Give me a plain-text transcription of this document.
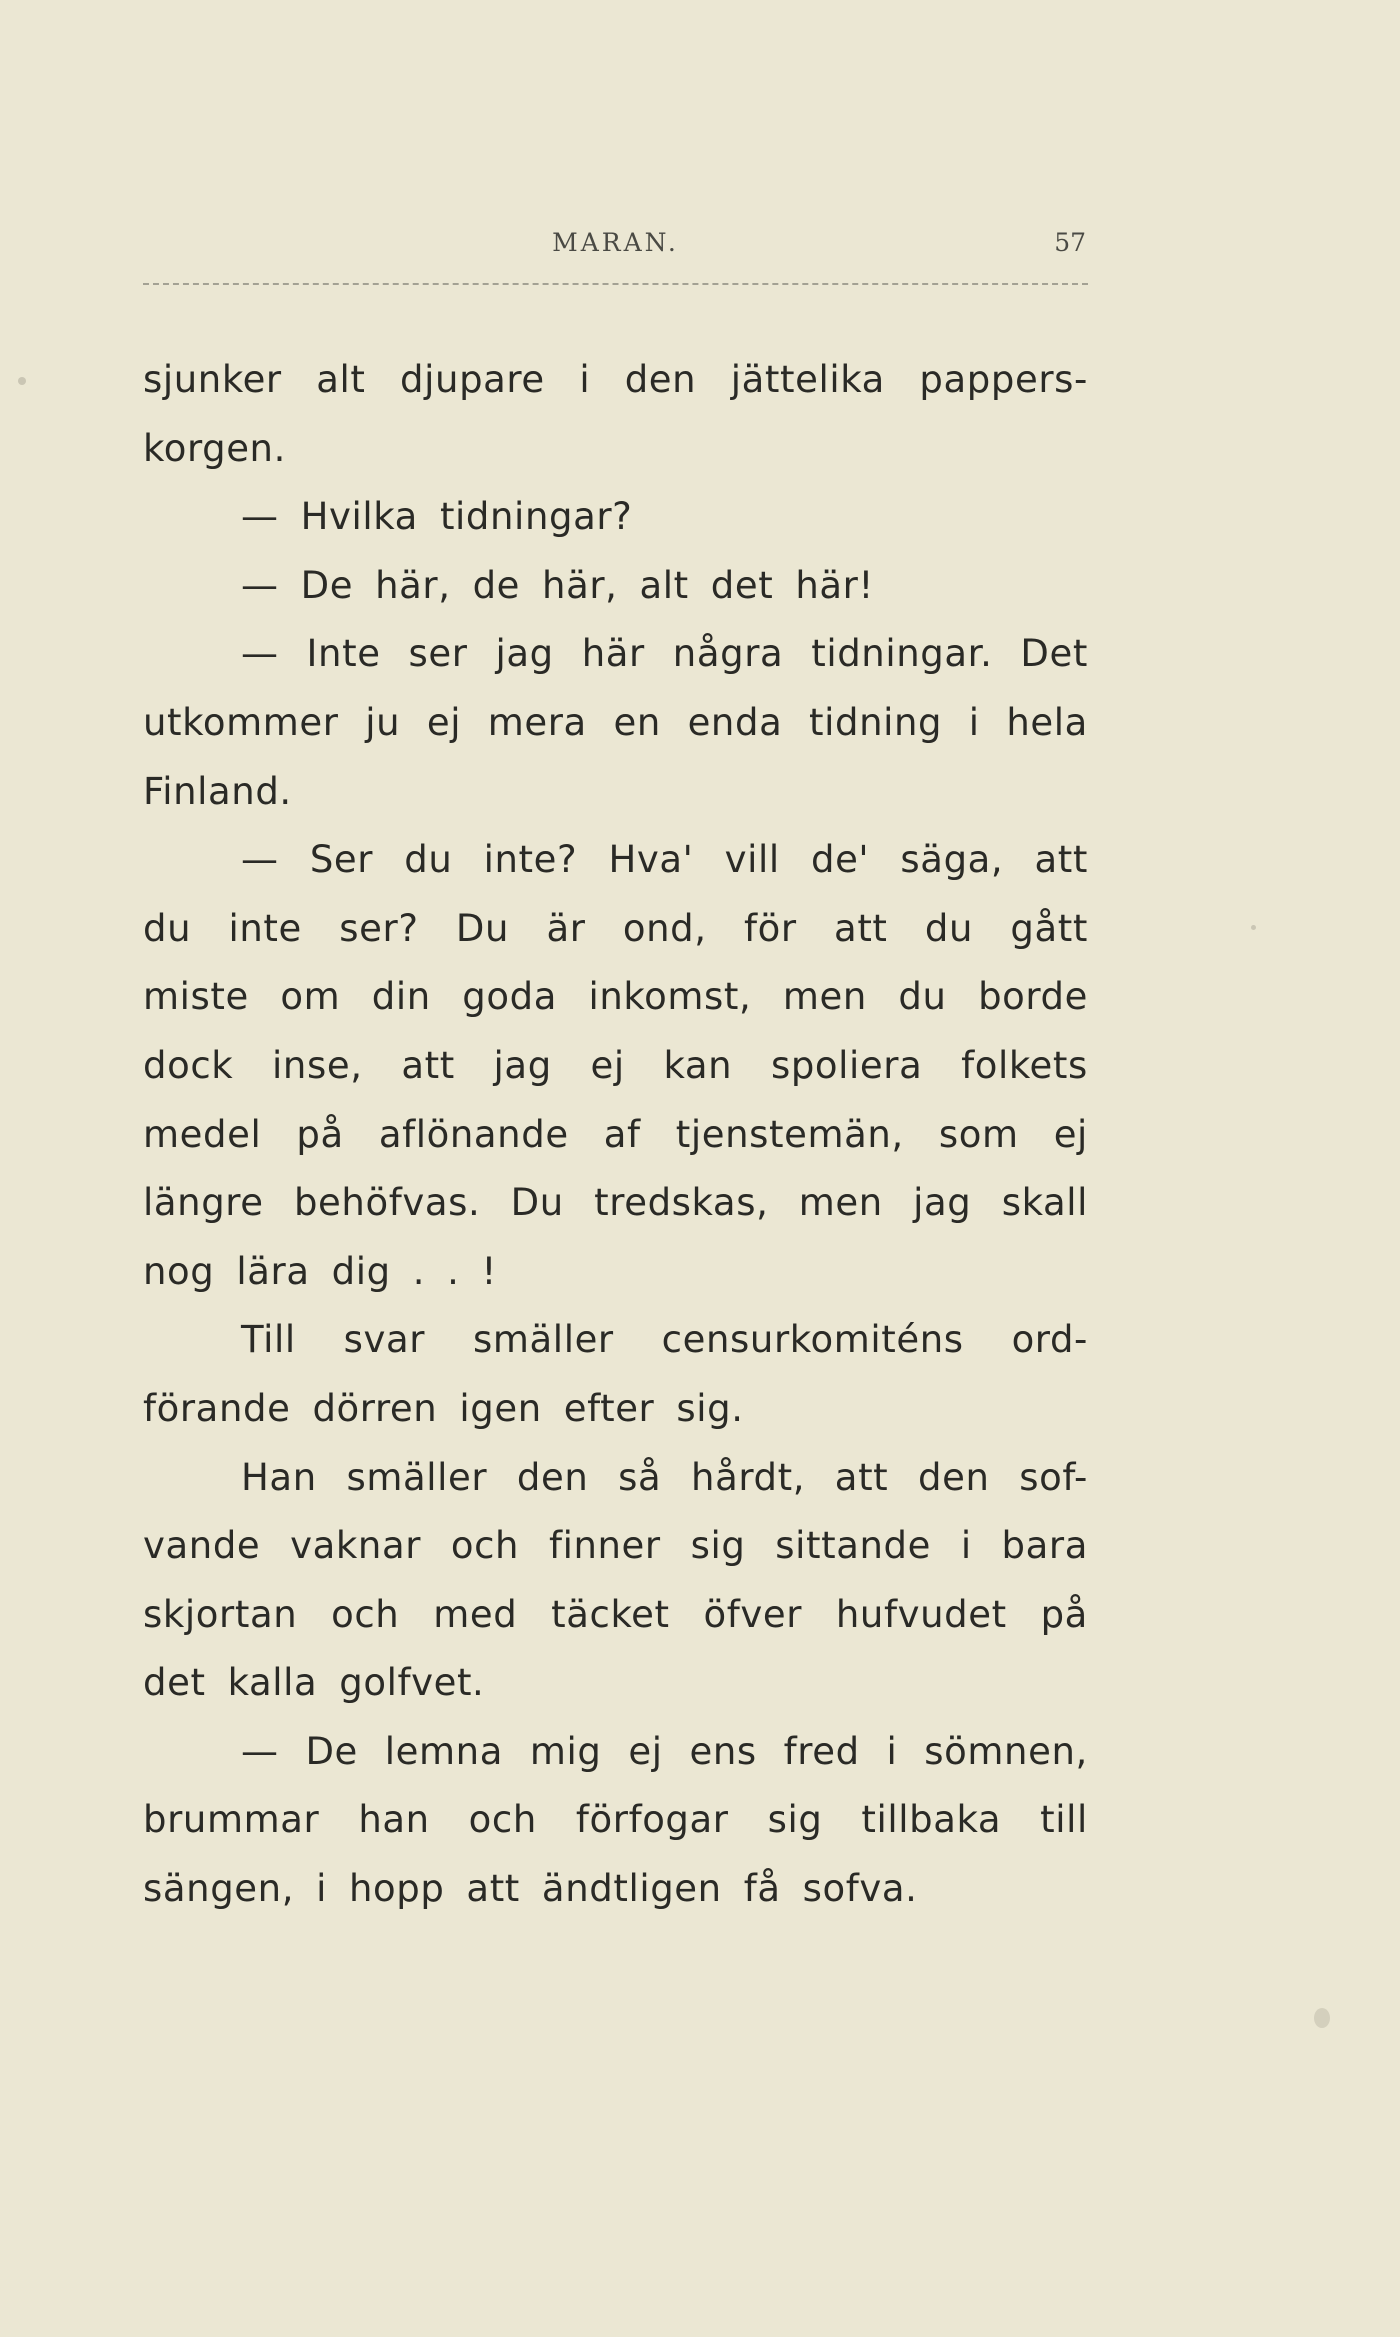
MARAN.	57
sjunker alt djupare i den jättelika pappers-
korgen.
— Hvilka tidningar?
— De här, de här, alt det här!
— Inte ser jag här några tidningar. Det
utkommer ju ej mera en enda tidning i hela
Finland.
— Ser du inte? Hva' vill de' säga, att
du inte ser? Du är ond, för att du gått
miste om din goda inkomst, men du borde
dock inse, att jag ej kan spoliera folkets
medel på aflönande af tjenstemän, som ej
längre behöfvas. Du tredskas, men jag skall
nog lära dig . . !
Till svar smäller censurkomiténs ord-
förande dörren igen efter sig.
Han smäller den så hårdt, att den sof-
vande vaknar och finner sig sittande i bara
skjortan och med täcket öfver hufvudet på
det kalla golfvet.
— De lemna mig ej ens fred i sömnen,
brummar han och förfogar sig tillbaka till
sängen, i hopp att ändtligen få sofva.
